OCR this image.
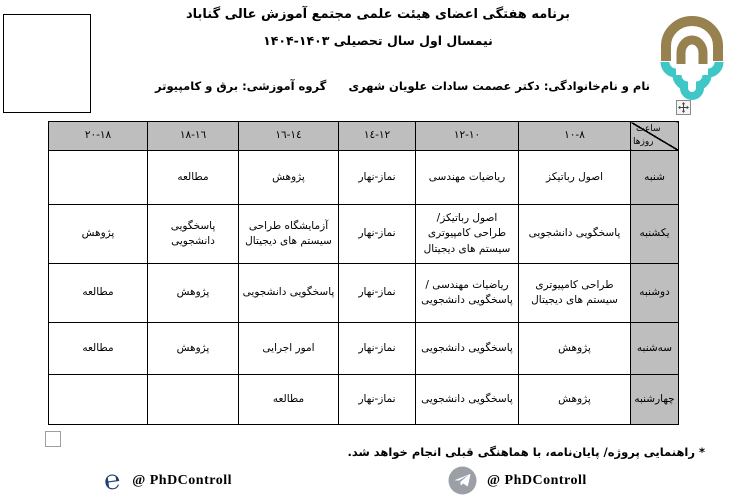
برنامه هفتگی اعضای هیئت علمی مجتمع آموزش عالی گناباد
نیمسال اول سال تحصیلی ۱۴۰۳-۱۴۰۴
نام و نام‌خانوادگی: دکتر عصمت سادات علویان شهری
گروه آموزشی: برق و کامپیوتر
ساعت
روزها	٨-١٠	١٠-١٢	١٢-١٤	١٤-١٦	١٦-١٨	١٨-٢٠
شنبه	اصول رباتیکز	ریاضیات مهندسی	نماز-نهار	پژوهش	مطالعه	
یکشنبه	پاسخگویی دانشجویی	اصول رباتیکز/ طراحی کامپیوتری سیستم های دیجیتال	نماز-نهار	آزمایشگاه طراحی سیستم های دیجیتال	پاسخگویی دانشجویی	پژوهش
دوشنبه	طراحی کامپیوتری سیستم های دیجیتال	ریاضیات مهندسی / پاسخگویی دانشجویی	نماز-نهار	پاسخگویی دانشجویی	پژوهش	مطالعه
سه‌شنبه	پژوهش	پاسخگویی دانشجویی	نماز-نهار	امور اجرایی	پژوهش	مطالعه
چهارشنبه	پژوهش	پاسخگویی دانشجویی	نماز-نهار	مطالعه		
* راهنمایی پروژه/ پایان‌نامه، با هماهنگی قبلی انجام خواهد شد.
℮ @ PhDControll	@ PhDControll
